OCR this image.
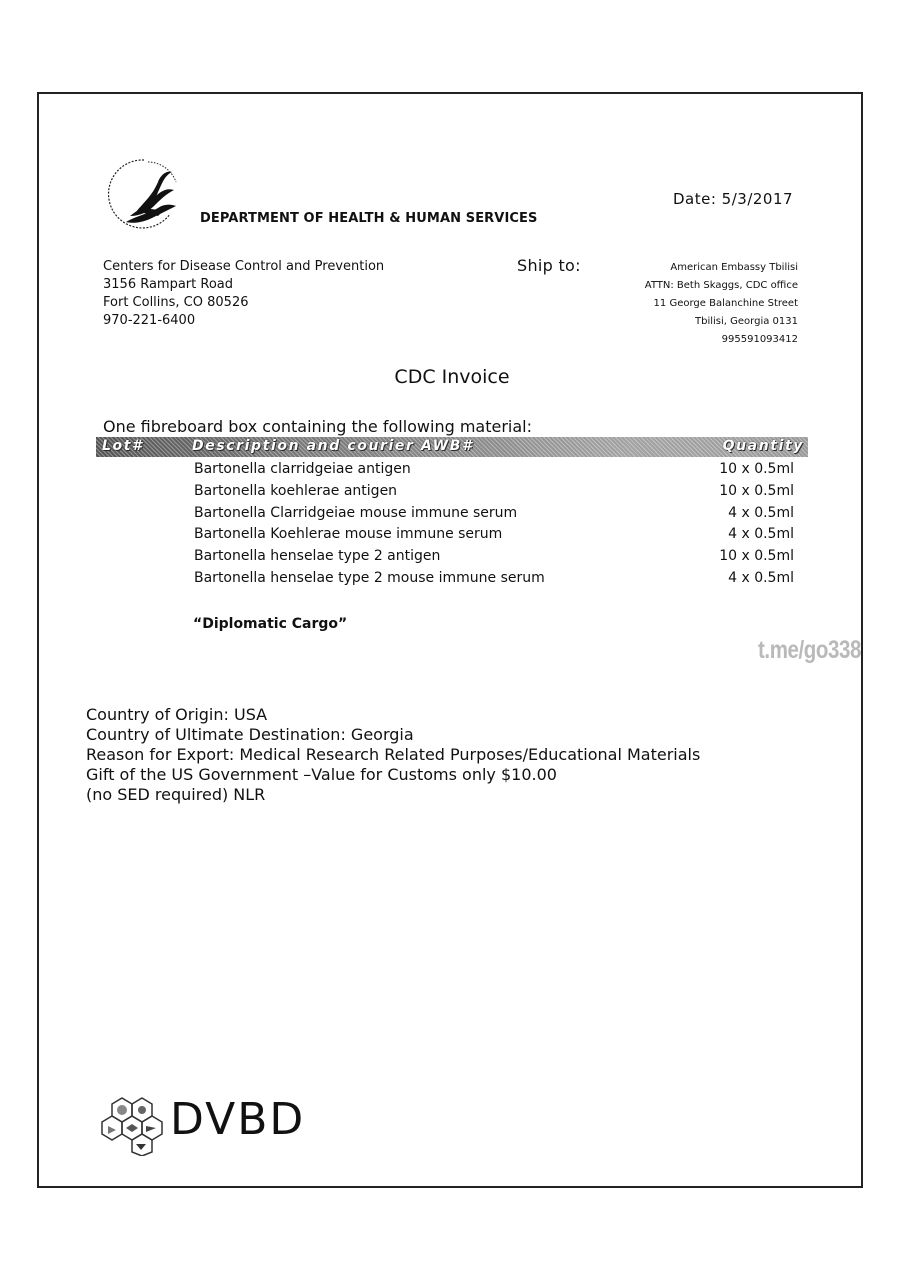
DEPARTMENT OF HEALTH & HUMAN SERVICES
Date: 5/3/2017
Centers for Disease Control and Prevention
3156 Rampart Road
Fort Collins, CO 80526
970-221-6400
Ship to:	American Embassy Tbilisi
ATTN: Beth Skaggs, CDC office
11 George Balanchine Street
Tbilisi, Georgia 0131
995591093412
CDC Invoice
One fibreboard box containing the following material:
Lot#	Description and courier AWB#	Quantity
Bartonella clarridgeiae antigen	10 x 0.5ml
Bartonella koehlerae antigen	10 x 0.5ml
Bartonella Clarridgeiae mouse immune serum	4 x 0.5ml
Bartonella Koehlerae mouse immune serum	4 x 0.5ml
Bartonella henselae type 2 antigen	10 x 0.5ml
Bartonella henselae type 2 mouse immune serum	4 x 0.5ml
“Diplomatic Cargo”
t.me/go338
Country of Origin: USA
Country of Ultimate Destination: Georgia
Reason for Export: Medical Research Related Purposes/Educational Materials
Gift of the US Government –Value for Customs only $10.00
(no SED required) NLR
DVBD
